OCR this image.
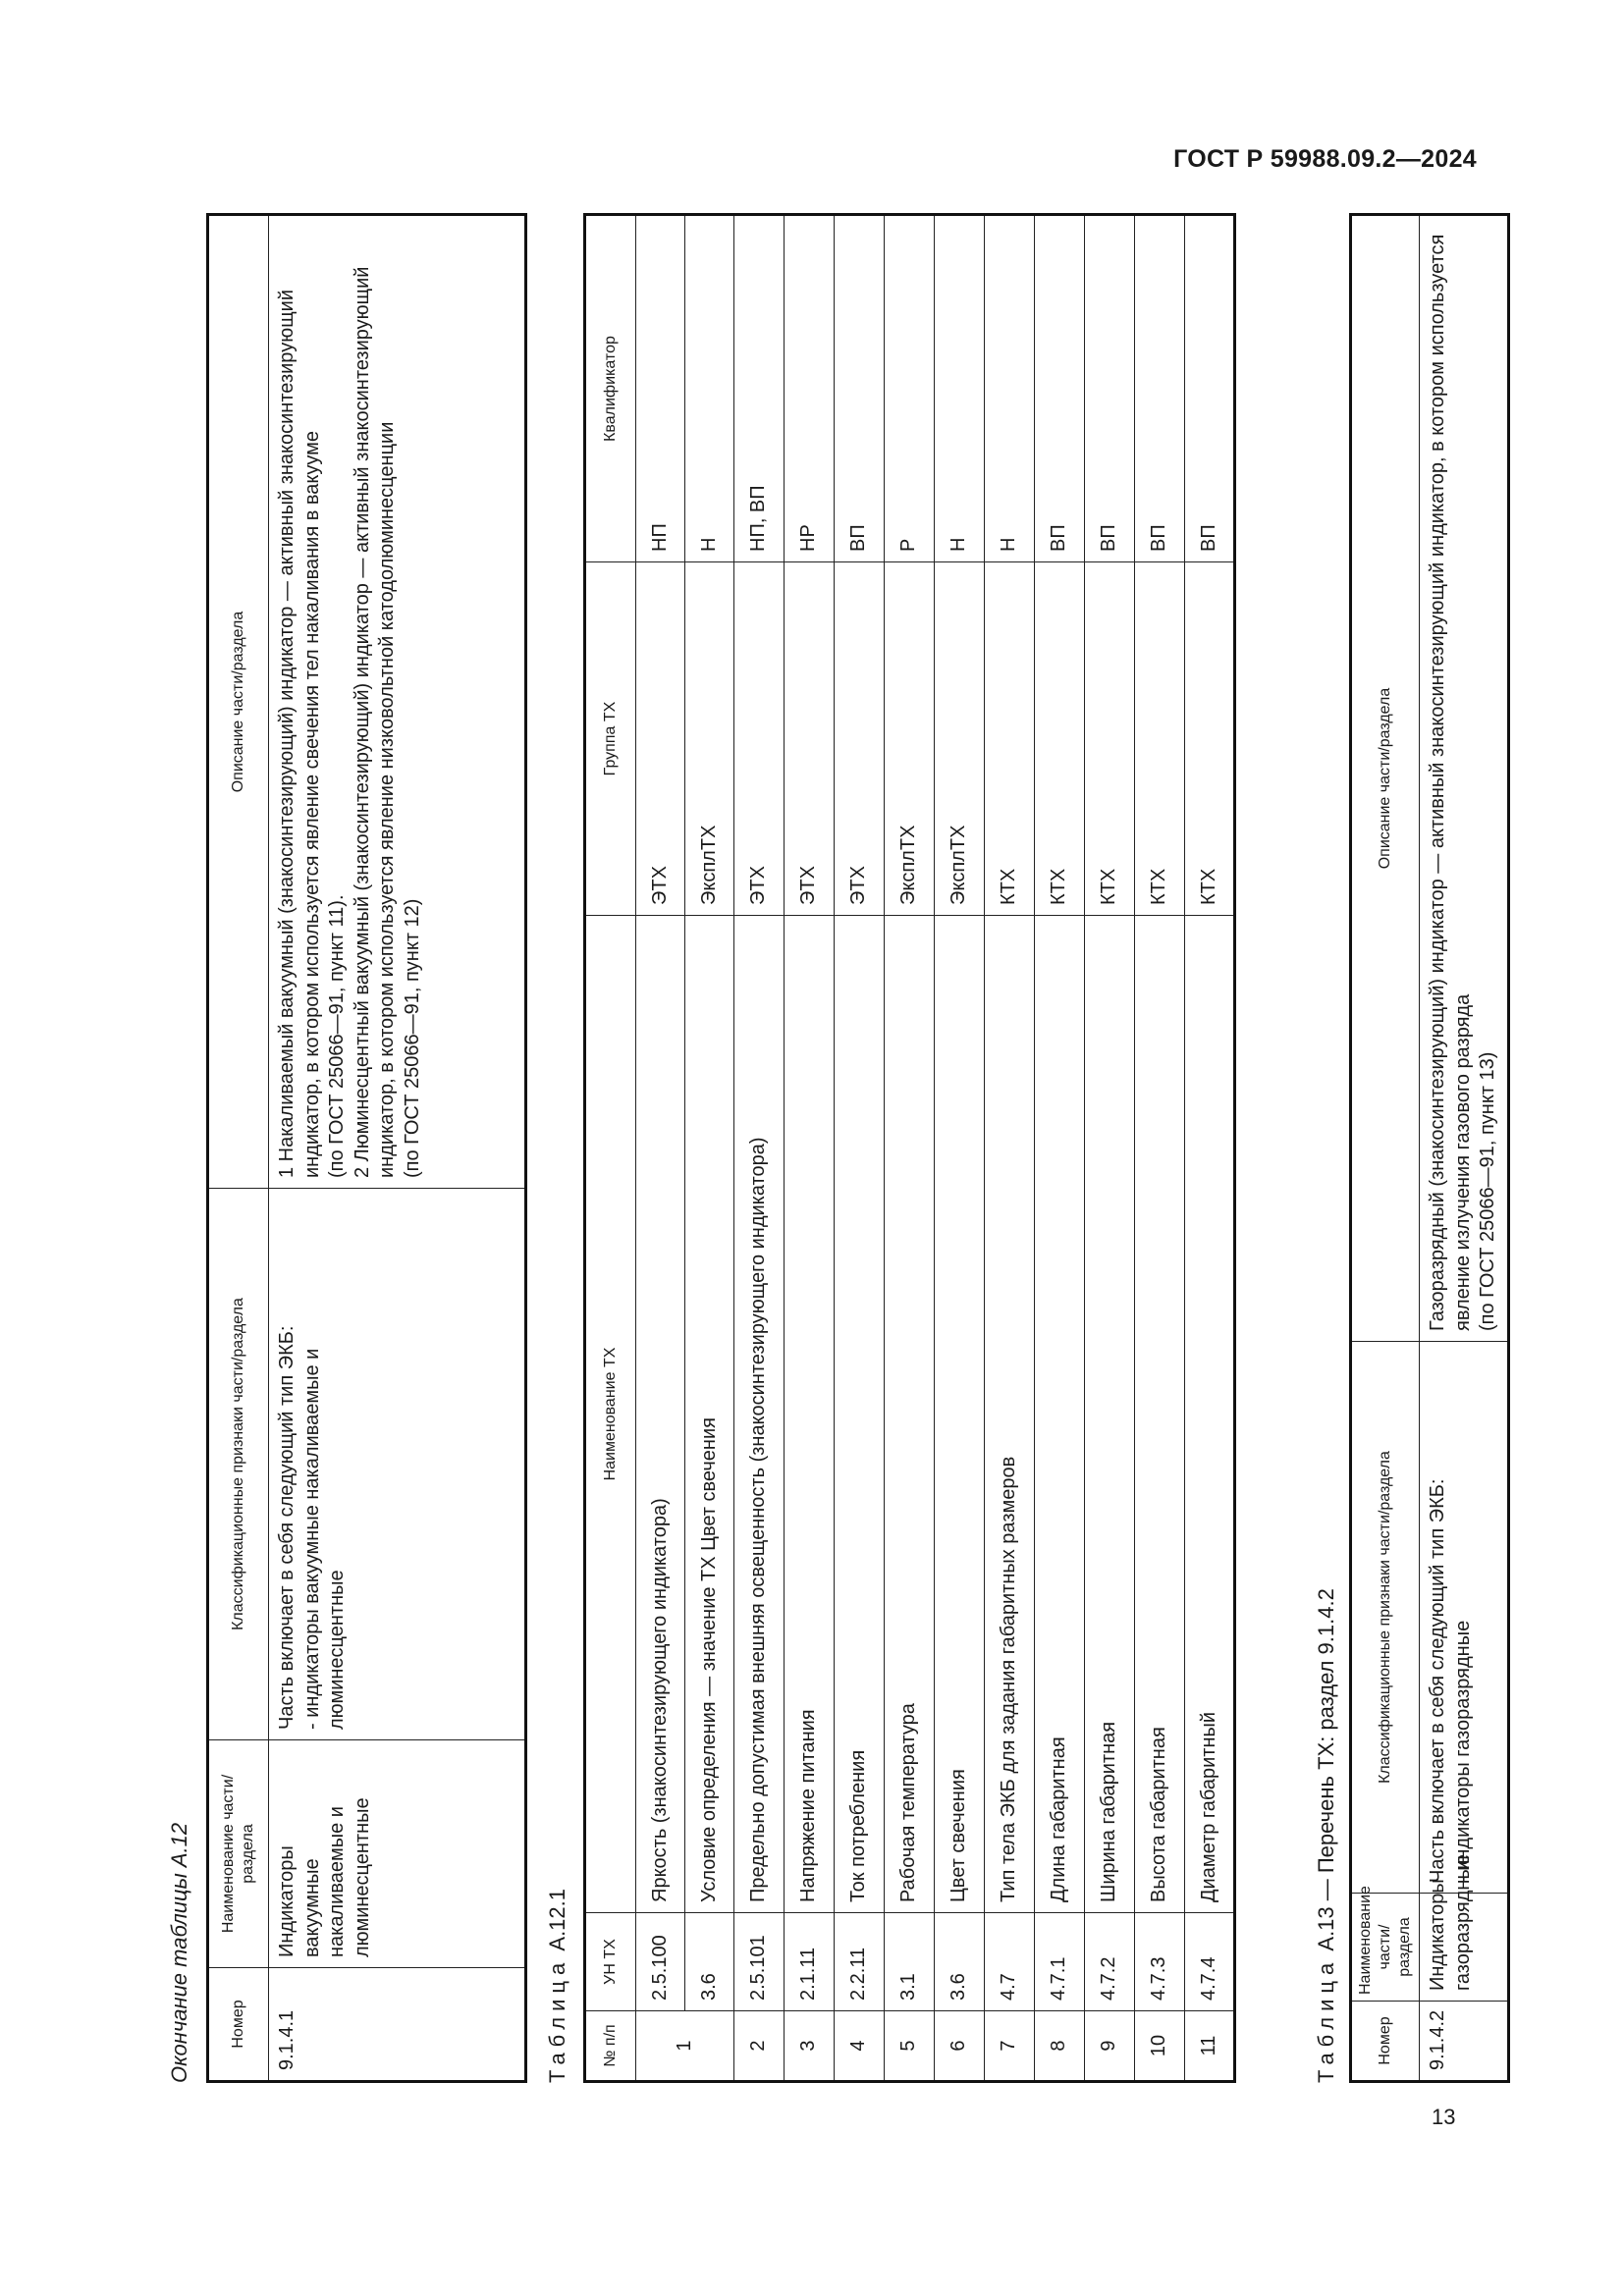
ГОСТ Р 59988.09.2—2024
13
Окончание таблицы А.12 Номер	Наименование части/раздела	Классификационные признаки части/раздела	Описание части/раздела
9.1.4.1	Индикаторы вакуумные накаливаемые и люминесцентные	Часть включает в себя следующий тип ЭКБ:
- индикаторы вакуумные накаливаемые и люминесцентные	1 Накаливаемый вакуумный (знакосинтезирующий) индикатор — активный знакосинтезирующий индикатор, в котором используется явление свечения тел накаливания в вакууме
(по ГОСТ 25066—91, пункт 11).
2 Люминесцентный вакуумный (знакосинтезирующий) индикатор — активный знакосинтезирующий индикатор, в котором используется явление низковольтной катодолюминесценции
(по ГОСТ 25066—91, пункт 12)
Таблица А.12.1
№ п/п	УН ТХ	Наименование ТХ	Группа ТХ	Квалификатор
1	2.5.100	Яркость (знакосинтезирующего индикатора)	ЭТХ	НП
	3.6	Условие определения — значение ТХ Цвет свечения	ЭксплТХ	Н
2	2.5.101	Предельно допустимая внешняя освещенность (знакосинтезирующего индикатора)	ЭТХ	НП, ВП
3	2.1.11	Напряжение питания	ЭТХ	НР
4	2.2.11	Ток потребления	ЭТХ	ВП
5	3.1	Рабочая температура	ЭксплТХ	Р
6	3.6	Цвет свечения	ЭксплТХ	Н
7	4.7	Тип тела ЭКБ для задания габаритных размеров	КТХ	Н
8	4.7.1	Длина габаритная	КТХ	ВП
9	4.7.2	Ширина габаритная	КТХ	ВП
10	4.7.3	Высота габаритная	КТХ	ВП
11	4.7.4	Диаметр габаритный	КТХ	ВП
Таблица А.13 — Перечень ТХ: раздел 9.1.4.2
Номер	Наименование части/раздела	Классификационные признаки части/раздела	Описание части/раздела
9.1.4.2	Индикаторы газоразрядные	Часть включает в себя следующий тип ЭКБ:
- индикаторы газоразрядные	Газоразрядный (знакосинтезирующий) индикатор — активный знакосинтезирующий индикатор, в котором используется явление излучения газового разряда
(по ГОСТ 25066—91, пункт 13)
